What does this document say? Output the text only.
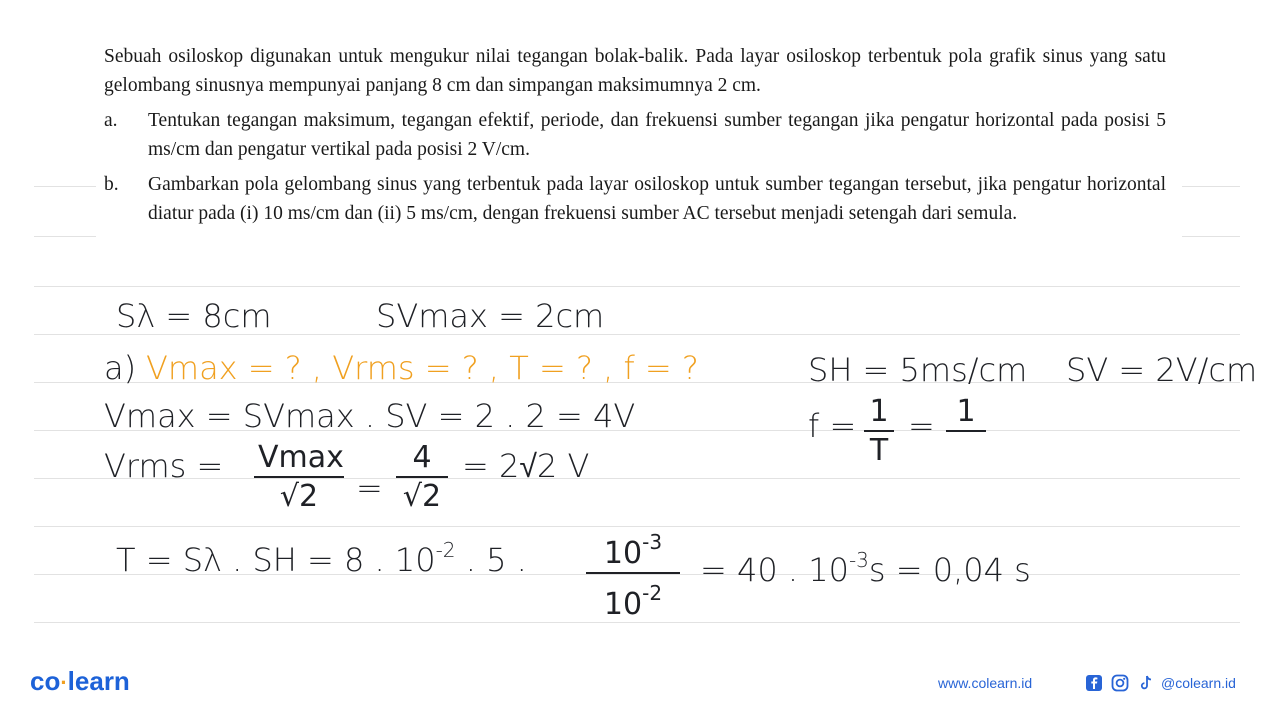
Sebuah osiloskop digunakan untuk mengukur nilai tegangan bolak-balik. Pada layar osiloskop terbentuk pola grafik sinus yang satu gelombang sinusnya mempunyai panjang 8 cm dan simpangan maksimumnya 2 cm.

a.	Tentukan tegangan maksimum, tegangan efektif, periode, dan frekuensi sumber tegangan jika pengatur horizontal pada posisi 5 ms/cm dan pengatur vertikal pada posisi 2 V/cm.
b.	Gambarkan pola gelombang sinus yang terbentuk pada layar osiloskop untuk sumber tegangan tersebut, jika pengatur horizontal diatur pada (i) 10 ms/cm dan (ii) 5 ms/cm, dengan frekuensi sumber AC tersebut menjadi setengah dari semula.
Sλ = 8cm	SVmax = 2cm
a) Vmax = ? , Vrms = ? , T = ? , f = ?	SH = 5ms/cm SV = 2V/cm
Vmax = SVmax . SV = 2 . 2 = 4V	f = 1
T
= 1
Vrms = Vmax
√2	=
4
√2
= 2√2 V
T = Sλ . SH = 8 . $10^{-2}$ . 5 .	$10^{-3}$
$10^{-2}$
= 40 . $10^{-3}s = 0,04$ s
co·learn	www.colearn.id	@colearn.id
